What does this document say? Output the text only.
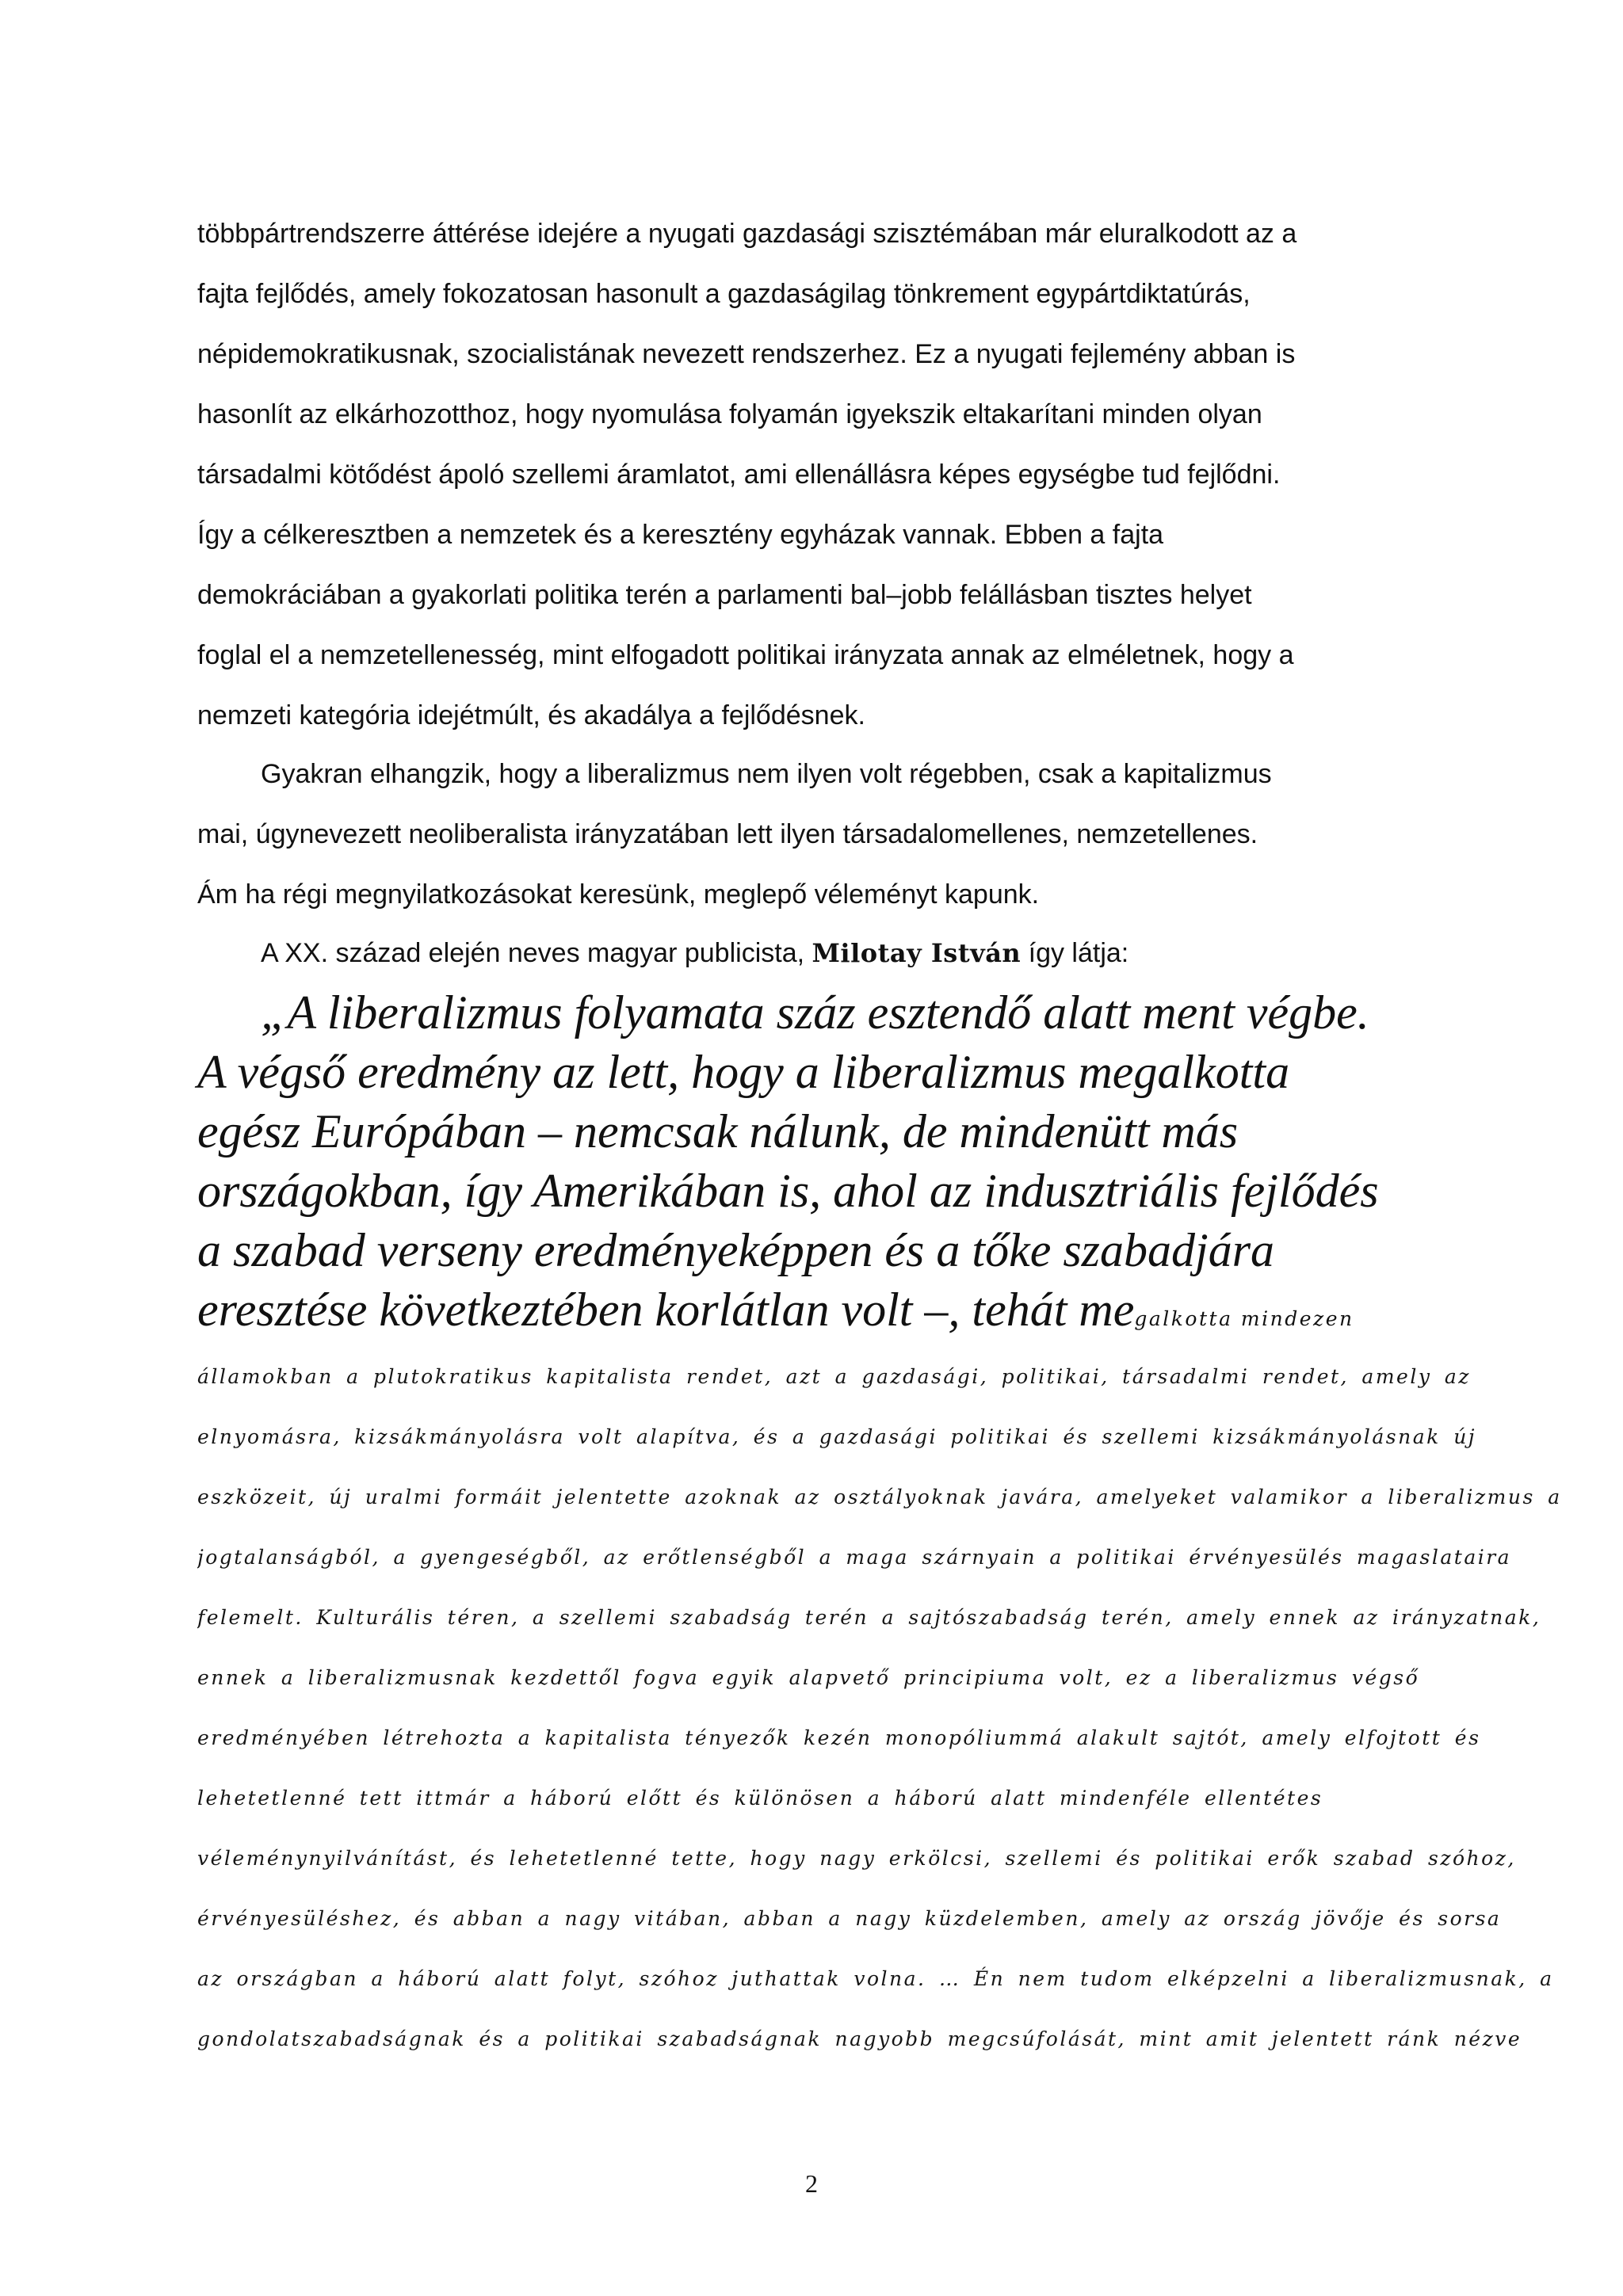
többpártrendszerre áttérése idejére a nyugati gazdasági szisztémában már eluralkodott az a
fajta fejlődés, amely fokozatosan hasonult a gazdaságilag tönkrement egypártdiktatúrás,
népidemokratikusnak, szocialistának nevezett rendszerhez. Ez a nyugati fejlemény abban is
hasonlít az elkárhozotthoz, hogy nyomulása folyamán igyekszik eltakarítani minden olyan
társadalmi kötődést ápoló szellemi áramlatot, ami ellenállásra képes egységbe tud fejlődni.
Így a célkeresztben a nemzetek és a keresztény egyházak vannak. Ebben a fajta
demokráciában a gyakorlati politika terén a parlamenti bal–jobb felállásban tisztes helyet
foglal el a nemzetellenesség, mint elfogadott politikai irányzata annak az elméletnek, hogy a
nemzeti kategória idejétmúlt, és akadálya a fejlődésnek.
Gyakran elhangzik, hogy a liberalizmus nem ilyen volt régebben, csak a kapitalizmus
mai, úgynevezett neoliberalista irányzatában lett ilyen társadalomellenes, nemzetellenes.
Ám ha régi megnyilatkozásokat keresünk, meglepő véleményt kapunk.
A XX. század elején neves magyar publicista, Milotay István így látja:
„A liberalizmus folyamata száz esztendő alatt ment végbe.
A végső eredmény az lett, hogy a liberalizmus megalkotta
egész Európában – nemcsak nálunk, de mindenütt más
országokban, így Amerikában is, ahol az indusztriális fejlődés
a szabad verseny eredményeképpen és a tőke szabadjára
eresztése következtében korlátlan volt –, tehát megalkotta mindezen
államokban a plutokratikus kapitalista rendet, azt a gazdasági, politikai, társadalmi rendet, amely az
elnyomásra, kizsákmányolásra volt alapítva, és a gazdasági politikai és szellemi kizsákmányolásnak új
eszközeit, új uralmi formáit jelentette azoknak az osztályoknak javára, amelyeket valamikor a liberalizmus a
jogtalanságból, a gyengeségből, az erőtlenségből a maga szárnyain a politikai érvényesülés magaslataira
felemelt. Kulturális téren, a szellemi szabadság terén a sajtószabadság terén, amely ennek az irányzatnak,
ennek a liberalizmusnak kezdettől fogva egyik alapvető principiuma volt, ez a liberalizmus végső
eredményében létrehozta a kapitalista tényezők kezén monopóliummá alakult sajtót, amely elfojtott és
lehetetlenné tett ittmár a háború előtt és különösen a háború alatt mindenféle ellentétes
véleménynyilvánítást, és lehetetlenné tette, hogy nagy erkölcsi, szellemi és politikai erők szabad szóhoz,
érvényesüléshez, és abban a nagy vitában, abban a nagy küzdelemben, amely az ország jövője és sorsa
az országban a háború alatt folyt, szóhoz juthattak volna. … Én nem tudom elképzelni a liberalizmusnak, a
gondolatszabadságnak és a politikai szabadságnak nagyobb megcsúfolását, mint amit jelentett ránk nézve
2
